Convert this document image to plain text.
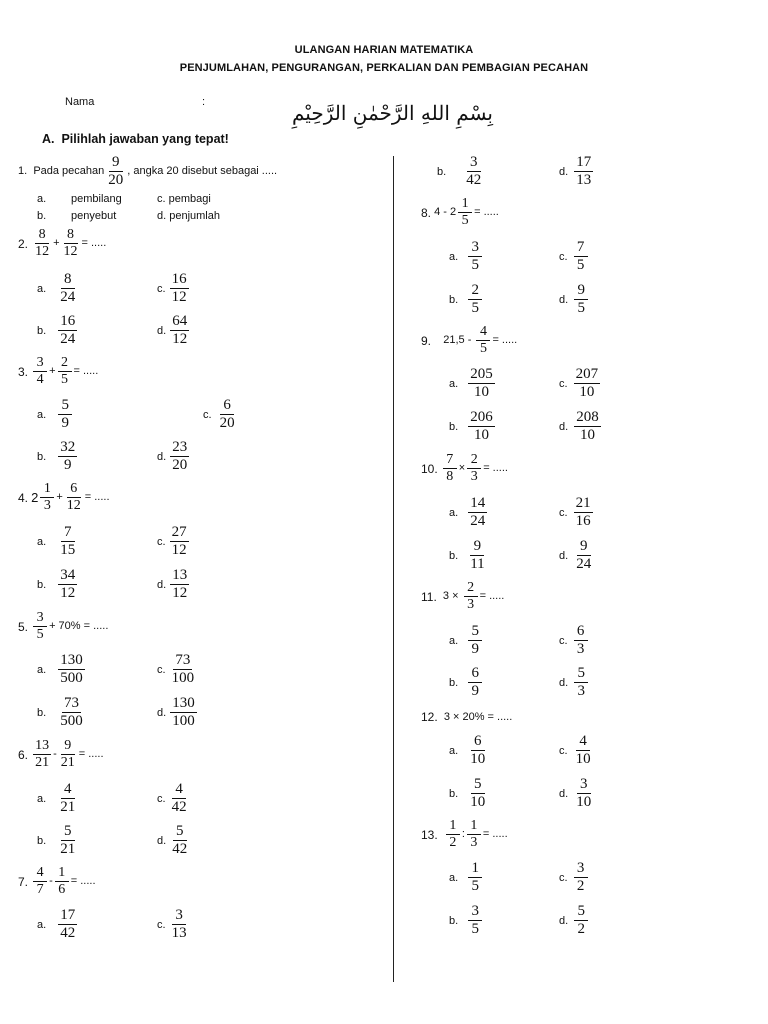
ULANGAN HARIAN MATEMATIKA
PENJUMLAHAN, PENGURANGAN, PERKALIAN DAN PEMBAGIAN PECAHAN
Nama	:	بِسْمِ اللهِ الرَّحْمٰنِ الرَّحِيْمِ
A. Pilihlah jawaban yang tepat!
1.
Pada pecahan $\frac{9}{20}$ , angka 20 disebut sebagai .....
a.	pembilang
b.	penyebut
c. pembagi
d. penjumlah
2.
$\frac{8}{12} + \frac{8}{12}$ = .....
a. $\frac{8}{24}$	c. $\frac{16}{12}$
b. $\frac{16}{24}$	d. $\frac{64}{12}$
3.
$\frac{3}{4} + \frac{2}{5}$ = .....
a. $\frac{5}{9}$	c. $\frac{6}{20}$
b. $\frac{32}{9}$	d. $\frac{23}{20}$
4.
$2 \frac{1}{3} + \frac{6}{12}$ = .....
a. $\frac{7}{15}$	c. $\frac{27}{12}$
b. $\frac{34}{12}$	d. $\frac{13}{12}$
5.
$\frac{3}{5} + 70\%$ = .....
a. $\frac{130}{500}$	c. $\frac{73}{100}$
b. $\frac{73}{500}$	d. $\frac{130}{100}$
6.
$\frac{13}{21} - \frac{9}{21}$ = .....
a. $\frac{4}{21}$	c. $\frac{4}{42}$
b. $\frac{5}{21}$	d. $\frac{5}{42}$
7.
$\frac{4}{7} - \frac{1}{6}$ = .....
a. $\frac{17}{42}$	c. $\frac{3}{13}$
b. $\frac{3}{42}$	d. $\frac{17}{13}$
8.
$4 - 2 \frac{1}{5}$ = .....
a. $\frac{3}{5}$	c. $\frac{7}{5}$
b. $\frac{2}{5}$	d. $\frac{9}{5}$
9.
21,5 -
$\frac{4}{5}$ = .....
a. $\frac{205}{10}$	c. $\frac{207}{10}$
b. $\frac{206}{10}$	d. $\frac{208}{10}$
10.
$\frac{7}{8} \times \frac{2}{3}$ = .....
a. $\frac{14}{24}$	c. $\frac{21}{16}$
b. $\frac{9}{11}$	d. $\frac{9}{24}$
11.
3 ×
$\frac{2}{3}$ = .....
a. $\frac{5}{9}$	c. $\frac{6}{3}$
b. $\frac{6}{9}$	d. $\frac{5}{3}$
12.
3 × 20% = .....
a. $\frac{6}{10}$	c. $\frac{4}{10}$
b. $\frac{5}{10}$	d. $\frac{3}{10}$
13.
$\frac{1}{2}$ : $\frac{1}{3}$ = .....
a. $\frac{1}{5}$	c. $\frac{3}{2}$
b. $\frac{3}{5}$	d. $\frac{5}{2}$
